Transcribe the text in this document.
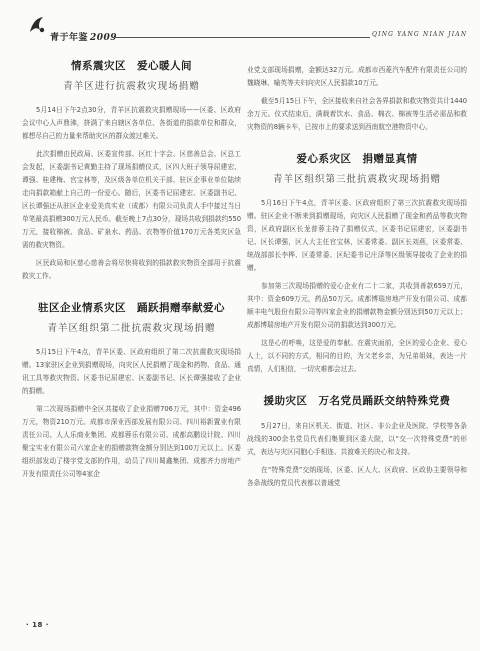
青于年鉴 2009	QING YANG NIAN JIAN
情系震灾区　爱心暖人间
青羊区进行抗震救灾现场捐赠

5月14日下午2点30分，青羊区抗震救灾捐赠现场——区委、区政府会议中心人声鼎沸，挤满了来自辖区各单位、各街道的捐款单位和群众，都想尽自己的力量来帮助灾区的群众渡过难关。

此次捐赠由民政局、区委宣传部、区红十字会、区慈善总会、区总工会发起，区委副书记黄勤主持了现场捐赠仪式，区四大班子领导屈建宏、谭强、桂建梅、官宝林等，及区级各单位机关干部、驻区企事业单位陆续走向捐款箱献上自己的一份爱心。随后，区委书记屈建宏、区委副书记、区长谭强还从驻区企业爱美真实业（成都）有限公司负责人手中接过当日单笔最高捐赠300万元人民币。截至晚上7点30分，现场共收到捐款约550万元，接收棉被、食品、矿泉水、药品、衣物等价值170万元各类灾区急需的救灾物资。

区民政局和区慈心慈善会将尽快将收到的捐款救灾物资全部用于抗震救灾工作。

驻区企业情系灾区　踊跃捐赠奉献爱心
青羊区组织第二批抗震救灾现场捐赠

5月15日下午4点，青羊区委、区政府组织了第二次抗震救灾现场捐赠。13家驻区企业到捐赠现场，向灾区人民捐赠了现金和药物、食品、通讯工具等救灾物资。区委书记屈建宏、区委副书记、区长谭强接收了企业的捐赠。

第二次现场捐赠中全区共接收了企业捐赠706万元，其中：资金496万元，物资210万元。成都市深业西部发展有限公司、四川裕新置业有限责任公司、人人乐商业集团、成都蓉乐有限公司、成都高鹏设计院、四川聚宝实业有限公司六家企业的捐赠款物金额分别达到100万元以上。区委组织部发动了楼宇党支部的作用，动员了四川蜀鑫集团、成都齐力房地产开发有限责任公司等4家企

业党支部现场捐赠，金额达32万元。成都市西菱汽车配件有限责任公司的魏晓琳、喻英等夫妇向灾区人民捐款10万元。

截至5月15日下午，全区接收来自社会各界捐款和救灾物资共计1440余万元。仪式结束后，满载着饮水、食品、棉衣、棉被等生活必需品和救灾物资的8辆卡车，已按市上的要求送到西南航空港物资中心。

爱心系灾区　捐赠显真情
青羊区组织第三批抗震救灾现场捐赠

5月16日下午4点，青羊区委、区政府组织了第三次抗震救灾现场捐赠。驻区企业不断来到捐赠现场，向灾区人民捐赠了现金和药品等救灾物资，区政府副区长龙普蓉主持了捐赠仪式，区委书记屈建宏，区委副书记、区长谭强，区人大主任官宝林，区委常委、副区长刘燕，区委常委、统战部部长李桦、区委常委、区纪委书记庄泽等区级领导接收了企业的捐赠。

参加第三次现场捐赠的爱心企业有二十二家，共收到善款659万元，其中：资金609万元，药品50万元。成都博瑞房地产开发有限公司、成都顺丰电气股份有限公司等四家企业的捐赠款物金额分别达到50万元以上；成都博瑞房地产开发有限公司的捐款达到300万元。

这是心的呼唤，这是爱的奉献。在震灾面前，全区的爱心企业、爱心人士，以不同的方式，相同的目的，为父老乡亲，为兄弟姐妹，表达一片真情，人们相信，一切灾难都会过去。

援助灾区　万名党员踊跃交纳特殊党费

5月27日，来自区机关、街道、社区、非公企业及医院、学校等各条战线的300余名党员代表们集聚到区委大院，以“交一次特殊党费”的形式，表达与灾区同胞心手相连、共渡难关的决心和支持。

在“特殊党费”交纳现场，区委、区人大、区政府、区政协主要领导和各条战线的党员代表都以普通党

· 18 ·
